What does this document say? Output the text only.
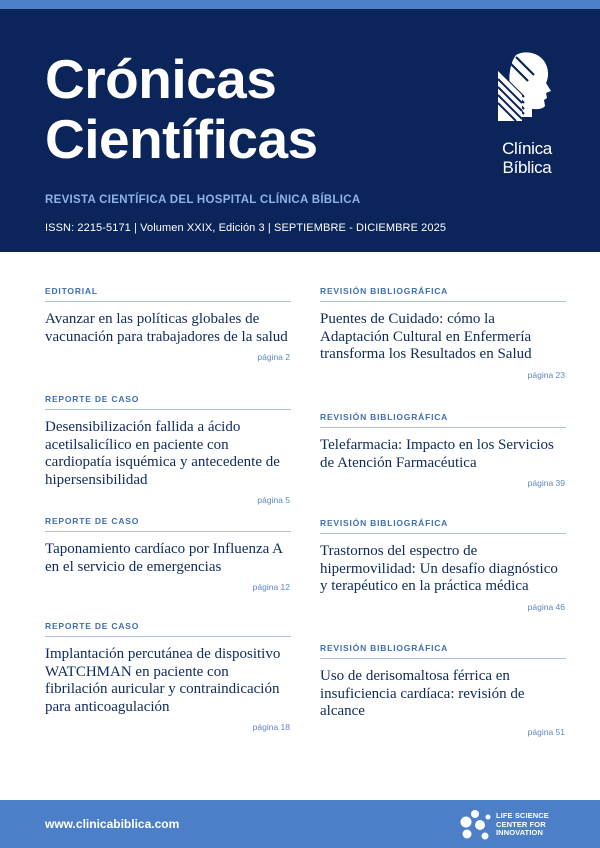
Crónicas
Científicas
REVISTA CIENTÍFICA DEL HOSPITAL CLÍNICA BÍBLICA
ISSN: 2215-5171 | Volumen XXIX, Edición 3 | SEPTIEMBRE - DICIEMBRE 2025
Clínica
Bíblica
EDITORIAL
Avanzar en las políticas globales de vacunación para trabajadores de la salud
página 2
REPORTE DE CASO
Desensibilización fallida a ácido acetilsalicílico en paciente con cardiopatía isquémica y antecedente de hipersensibilidad
página 5
REPORTE DE CASO
Taponamiento cardíaco por Influenza A en el servicio de emergencias
página 12
REPORTE DE CASO
Implantación percutánea de dispositivo WATCHMAN en paciente con fibrilación auricular y contraindicación para anticoagulación
página 18
REVISIÓN BIBLIOGRÁFICA
Puentes de Cuidado: cómo la Adaptación Cultural en Enfermería transforma los Resultados en Salud
página 23
REVISIÓN BIBLIOGRÁFICA
Telefarmacia: Impacto en los Servicios de Atención Farmacéutica
página 39
REVISIÓN BIBLIOGRÁFICA
Trastornos del espectro de hipermovilidad: Un desafío diagnóstico y terapéutico en la práctica médica
página 46
REVISIÓN BIBLIOGRÁFICA
Uso de derisomaltosa férrica en insuficiencia cardíaca: revisión de alcance
página 51
www.clinicabiblica.com
LIFE SCIENCE
CENTER FOR
INNOVATION
